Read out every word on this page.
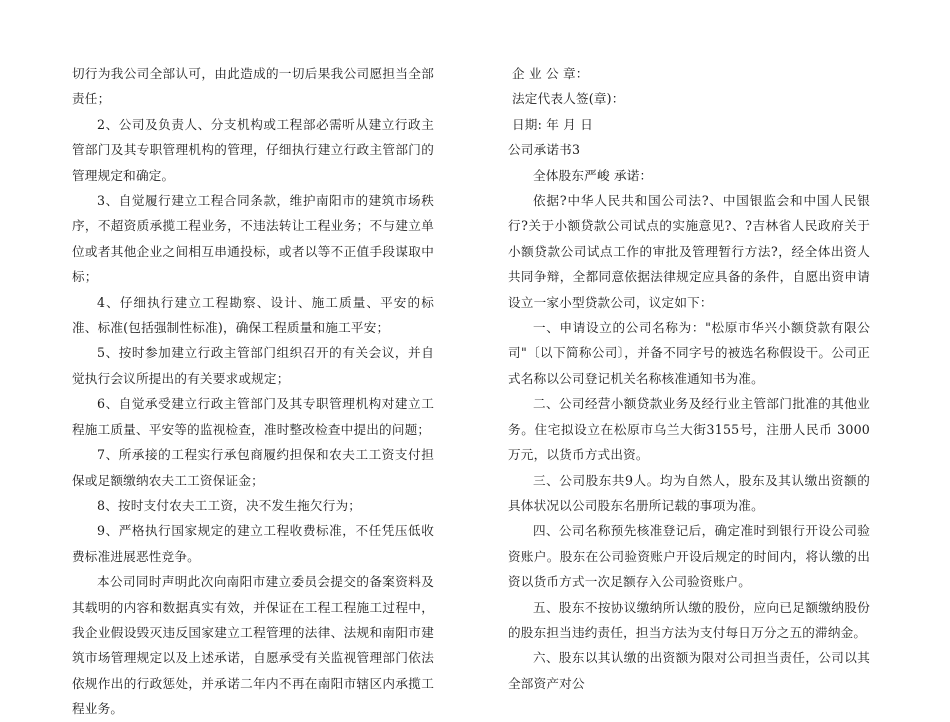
切行为我公司全部认可，由此造成的一切后果我公司愿担当全部责任；

2、公司及负责人、分支机构或工程部必需听从建立行政主管部门及其专职管理机构的管理，仔细执行建立行政主管部门的管理规定和确定。

3、自觉履行建立工程合同条款，维护南阳市的建筑市场秩序，不超资质承揽工程业务，不违法转让工程业务；不与建立单位或者其他企业之间相互串通投标，或者以等不正值手段谋取中标；

4、仔细执行建立工程勘察、设计、施工质量、平安的标准、标准(包括强制性标准)，确保工程质量和施工平安；

5、按时参加建立行政主管部门组织召开的有关会议，并自觉执行会议所提出的有关要求或规定；

6、自觉承受建立行政主管部门及其专职管理机构对建立工程施工质量、平安等的监视检查，准时整改检查中提出的问题；

7、所承接的工程实行承包商履约担保和农夫工工资支付担保或足额缴纳农夫工工资保证金；

8、按时支付农夫工工资，决不发生拖欠行为；

9、严格执行国家规定的建立工程收费标准，不任凭压低收费标准进展恶性竞争。

本公司同时声明此次向南阳市建立委员会提交的备案资料及其载明的内容和数据真实有效，并保证在工程工程施工过程中，我企业假设毁灭违反国家建立工程管理的法律、法规和南阳市建筑市场管理规定以及上述承诺，自愿承受有关监视管理部门依法依规作出的行政惩处，并承诺二年内不再在南阳市辖区内承揽工程业务。

企 业 公 章：

法定代表人签(章)：

日期: 年 月 日

公司承诺书3

全体股东严峻 承诺：

依据?中华人民共和国公司法?、中国银监会和中国人民银行?关于小额贷款公司试点的实施意见?、?吉林省人民政府关于小额贷款公司试点工作的审批及管理暂行方法?，经全体出资人共同争辩，全都同意依据法律规定应具备的条件，自愿出资申请设立一家小型贷款公司，议定如下：

一、申请设立的公司名称为："松原市华兴小额贷款有限公司"〔以下简称公司〕，并备不同字号的被选名称假设干。公司正式名称以公司登记机关名称核准通知书为准。

二、公司经营小额贷款业务及经行业主管部门批准的其他业务。住宅拟设立在松原市乌兰大街3155号，注册人民币 3000 万元，以货币方式出资。

三、公司股东共9人。均为自然人，股东及其认缴出资额的具体状况以公司股东名册所记载的事项为准。

四、公司名称预先核准登记后，确定准时到银行开设公司验资账户。股东在公司验资账户开设后规定的时间内，将认缴的出资以货币方式一次足额存入公司验资账户。

五、股东不按协议缴纳所认缴的股份，应向已足额缴纳股份的股东担当违约责任，担当方法为支付每日万分之五的滞纳金。

六、股东以其认缴的出资额为限对公司担当责任，公司以其全部资产对公
